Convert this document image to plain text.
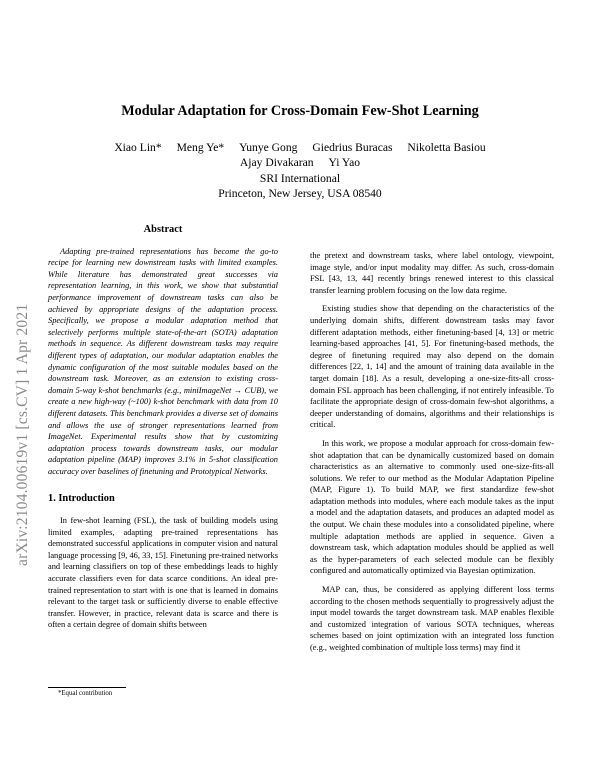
arXiv:2104.00619v1 [cs.CV] 1 Apr 2021
Modular Adaptation for Cross-Domain Few-Shot Learning
Xiao Lin* Meng Ye* Yunye Gong Giedrius Buracas Nikoletta Basiou
Ajay Divakaran Yi Yao
SRI International
Princeton, New Jersey, USA 08540
Abstract

Adapting pre-trained representations has become the go-to recipe for learning new downstream tasks with limited examples. While literature has demonstrated great successes via representation learning, in this work, we show that substantial performance improvement of downstream tasks can also be achieved by appropriate designs of the adaptation process. Specifically, we propose a modular adaptation method that selectively performs multiple state-of-the-art (SOTA) adaptation methods in sequence. As different downstream tasks may require different types of adaptation, our modular adaptation enables the dynamic configuration of the most suitable modules based on the downstream task. Moreover, as an extension to existing cross-domain 5-way k-shot benchmarks (e.g., miniImageNet → CUB), we create a new high-way (~100) k-shot benchmark with data from 10 different datasets. This benchmark provides a diverse set of domains and allows the use of stronger representations learned from ImageNet. Experimental results show that by customizing adaptation process towards downstream tasks, our modular adaptation pipeline (MAP) improves 3.1% in 5-shot classification accuracy over baselines of finetuning and Prototypical Networks.

1. Introduction

In few-shot learning (FSL), the task of building models using limited examples, adapting pre-trained representations has demonstrated successful applications in computer vision and natural language processing [9, 46, 33, 15]. Finetuning pre-trained networks and learning classifiers on top of these embeddings leads to highly accurate classifiers even for data scarce conditions. An ideal pre-trained representation to start with is one that is learned in domains relevant to the target task or sufficiently diverse to enable effective transfer. However, in practice, relevant data is scarce and there is often a certain degree of domain shifts between

the pretext and downstream tasks, where label ontology, viewpoint, image style, and/or input modality may differ. As such, cross-domain FSL [43, 13, 44] recently brings renewed interest to this classical transfer learning problem focusing on the low data regime.

Existing studies show that depending on the characteristics of the underlying domain shifts, different downstream tasks may favor different adaptation methods, either finetuning-based [4, 13] or metric learning-based approaches [41, 5]. For finetuning-based methods, the degree of finetuning required may also depend on the domain differences [22, 1, 14] and the amount of training data available in the target domain [18]. As a result, developing a one-size-fits-all cross-domain FSL approach has been challenging, if not entirely infeasible. To facilitate the appropriate design of cross-domain few-shot algorithms, a deeper understanding of domains, algorithms and their relationships is critical.

In this work, we propose a modular approach for cross-domain few-shot adaptation that can be dynamically customized based on domain characteristics as an alternative to commonly used one-size-fits-all solutions. We refer to our method as the Modular Adaptation Pipeline (MAP, Figure 1). To build MAP, we first standardize few-shot adaptation methods into modules, where each module takes as the input a model and the adaptation datasets, and produces an adapted model as the output. We chain these modules into a consolidated pipeline, where multiple adaptation methods are applied in sequence. Given a downstream task, which adaptation modules should be applied as well as the hyper-parameters of each selected module can be flexibly configured and automatically optimized via Bayesian optimization.

MAP can, thus, be considered as applying different loss terms according to the chosen methods sequentially to progressively adjust the input model towards the target downstream task. MAP enables flexible and customized integration of various SOTA techniques, whereas schemes based on joint optimization with an integrated loss function (e.g., weighted combination of multiple loss terms) may find it

*Equal contribution
